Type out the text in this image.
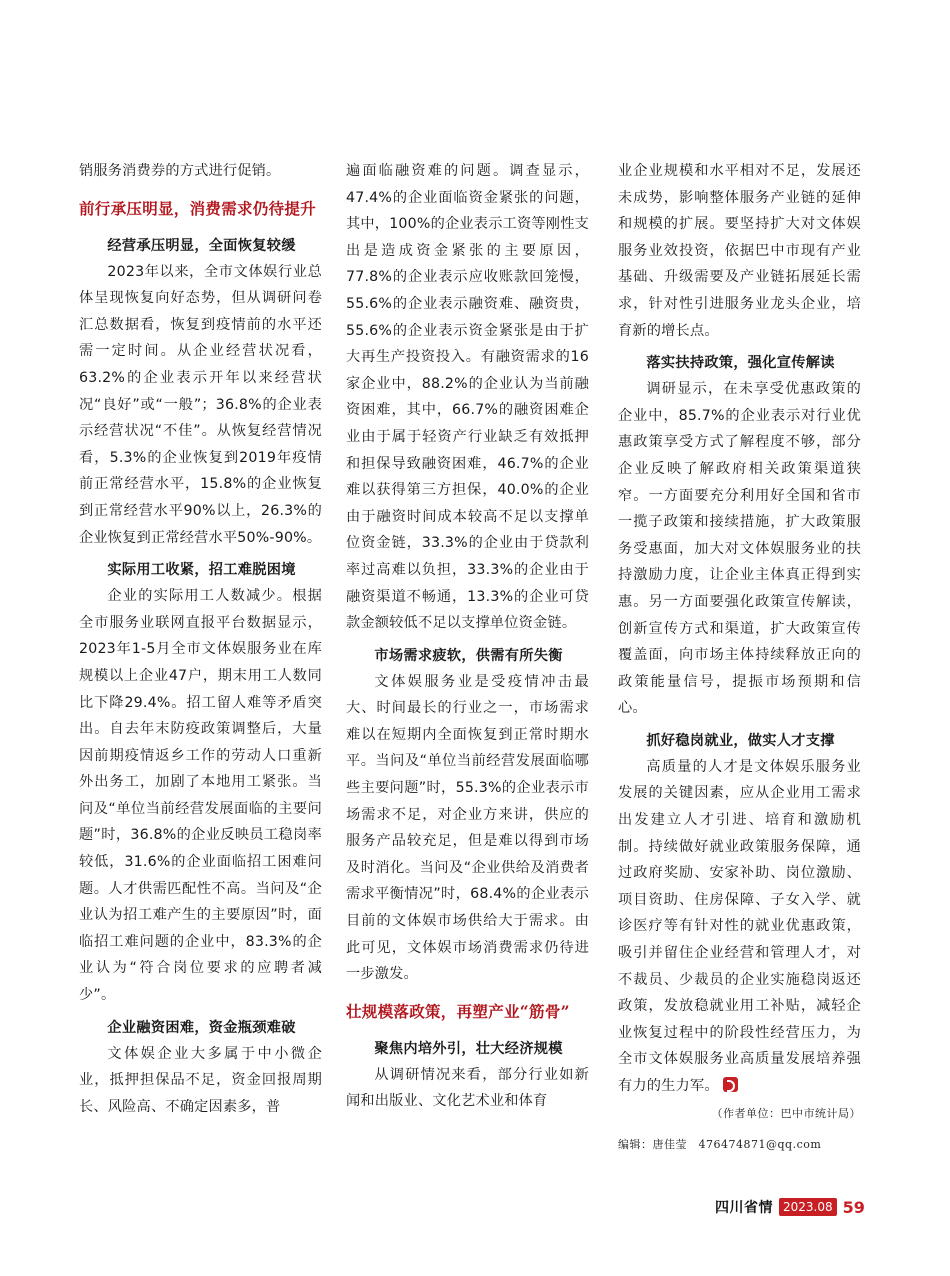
销服务消费券的方式进行促销。

前行承压明显，消费需求仍待提升

经营承压明显，全面恢复较缓

2023年以来，全市文体娱行业总体呈现恢复向好态势，但从调研问卷汇总数据看，恢复到疫情前的水平还需一定时间。从企业经营状况看，63.2%的企业表示开年以来经营状况“良好”或“一般”；36.8%的企业表示经营状况“不佳”。从恢复经营情况看，5.3%的企业恢复到2019年疫情前正常经营水平，15.8%的企业恢复到正常经营水平90%以上，26.3%的企业恢复到正常经营水平50%-90%。

实际用工收紧，招工难脱困境

企业的实际用工人数减少。根据全市服务业联网直报平台数据显示，2023年1-5月全市文体娱服务业在库规模以上企业47户，期末用工人数同比下降29.4%。招工留人难等矛盾突出。自去年末防疫政策调整后，大量因前期疫情返乡工作的劳动人口重新外出务工，加剧了本地用工紧张。当问及“单位当前经营发展面临的主要问题”时，36.8%的企业反映员工稳岗率较低，31.6%的企业面临招工困难问题。人才供需匹配性不高。当问及“企业认为招工难产生的主要原因”时，面临招工难问题的企业中，83.3%的企业认为“符合岗位要求的应聘者减少”。

企业融资困难，资金瓶颈难破

文体娱企业大多属于中小微企业，抵押担保品不足，资金回报周期长、风险高、不确定因素多，普

遍面临融资难的问题。调查显示，47.4%的企业面临资金紧张的问题，其中，100%的企业表示工资等刚性支出是造成资金紧张的主要原因，77.8%的企业表示应收账款回笼慢，55.6%的企业表示融资难、融资贵，55.6%的企业表示资金紧张是由于扩大再生产投资投入。有融资需求的16家企业中，88.2%的企业认为当前融资困难，其中，66.7%的融资困难企业由于属于轻资产行业缺乏有效抵押和担保导致融资困难，46.7%的企业难以获得第三方担保，40.0%的企业由于融资时间成本较高不足以支撑单位资金链，33.3%的企业由于贷款利率过高难以负担，33.3%的企业由于融资渠道不畅通，13.3%的企业可贷款金额较低不足以支撑单位资金链。

市场需求疲软，供需有所失衡

文体娱服务业是受疫情冲击最大、时间最长的行业之一，市场需求难以在短期内全面恢复到正常时期水平。当问及“单位当前经营发展面临哪些主要问题”时，55.3%的企业表示市场需求不足，对企业方来讲，供应的服务产品较充足，但是难以得到市场及时消化。当问及“企业供给及消费者需求平衡情况”时，68.4%的企业表示目前的文体娱市场供给大于需求。由此可见，文体娱市场消费需求仍待进一步激发。

壮规模落政策，再塑产业“筋骨”

聚焦内培外引，壮大经济规模

从调研情况来看，部分行业如新闻和出版业、文化艺术业和体育

业企业规模和水平相对不足，发展还未成势，影响整体服务产业链的延伸和规模的扩展。要坚持扩大对文体娱服务业效投资，依据巴中市现有产业基础、升级需要及产业链拓展延长需求，针对性引进服务业龙头企业，培育新的增长点。

落实扶持政策，强化宣传解读

调研显示，在未享受优惠政策的企业中，85.7%的企业表示对行业优惠政策享受方式了解程度不够，部分企业反映了解政府相关政策渠道狭窄。一方面要充分利用好全国和省市一揽子政策和接续措施，扩大政策服务受惠面，加大对文体娱服务业的扶持激励力度，让企业主体真正得到实惠。另一方面要强化政策宣传解读，创新宣传方式和渠道，扩大政策宣传覆盖面，向市场主体持续释放正向的政策能量信号，提振市场预期和信心。

抓好稳岗就业，做实人才支撑

高质量的人才是文体娱乐服务业发展的关键因素，应从企业用工需求出发建立人才引进、培育和激励机制。持续做好就业政策服务保障，通过政府奖励、安家补助、岗位激励、项目资助、住房保障、子女入学、就诊医疗等有针对性的就业优惠政策，吸引并留住企业经营和管理人才，对不裁员、少裁员的企业实施稳岗返还政策，发放稳就业用工补贴，减轻企业恢复过程中的阶段性经营压力，为全市文体娱服务业高质量发展培养强有力的生力军。

（作者单位：巴中市统计局）
编辑：唐佳莹　476474871@qq.com
四川省情 2023.08 59
